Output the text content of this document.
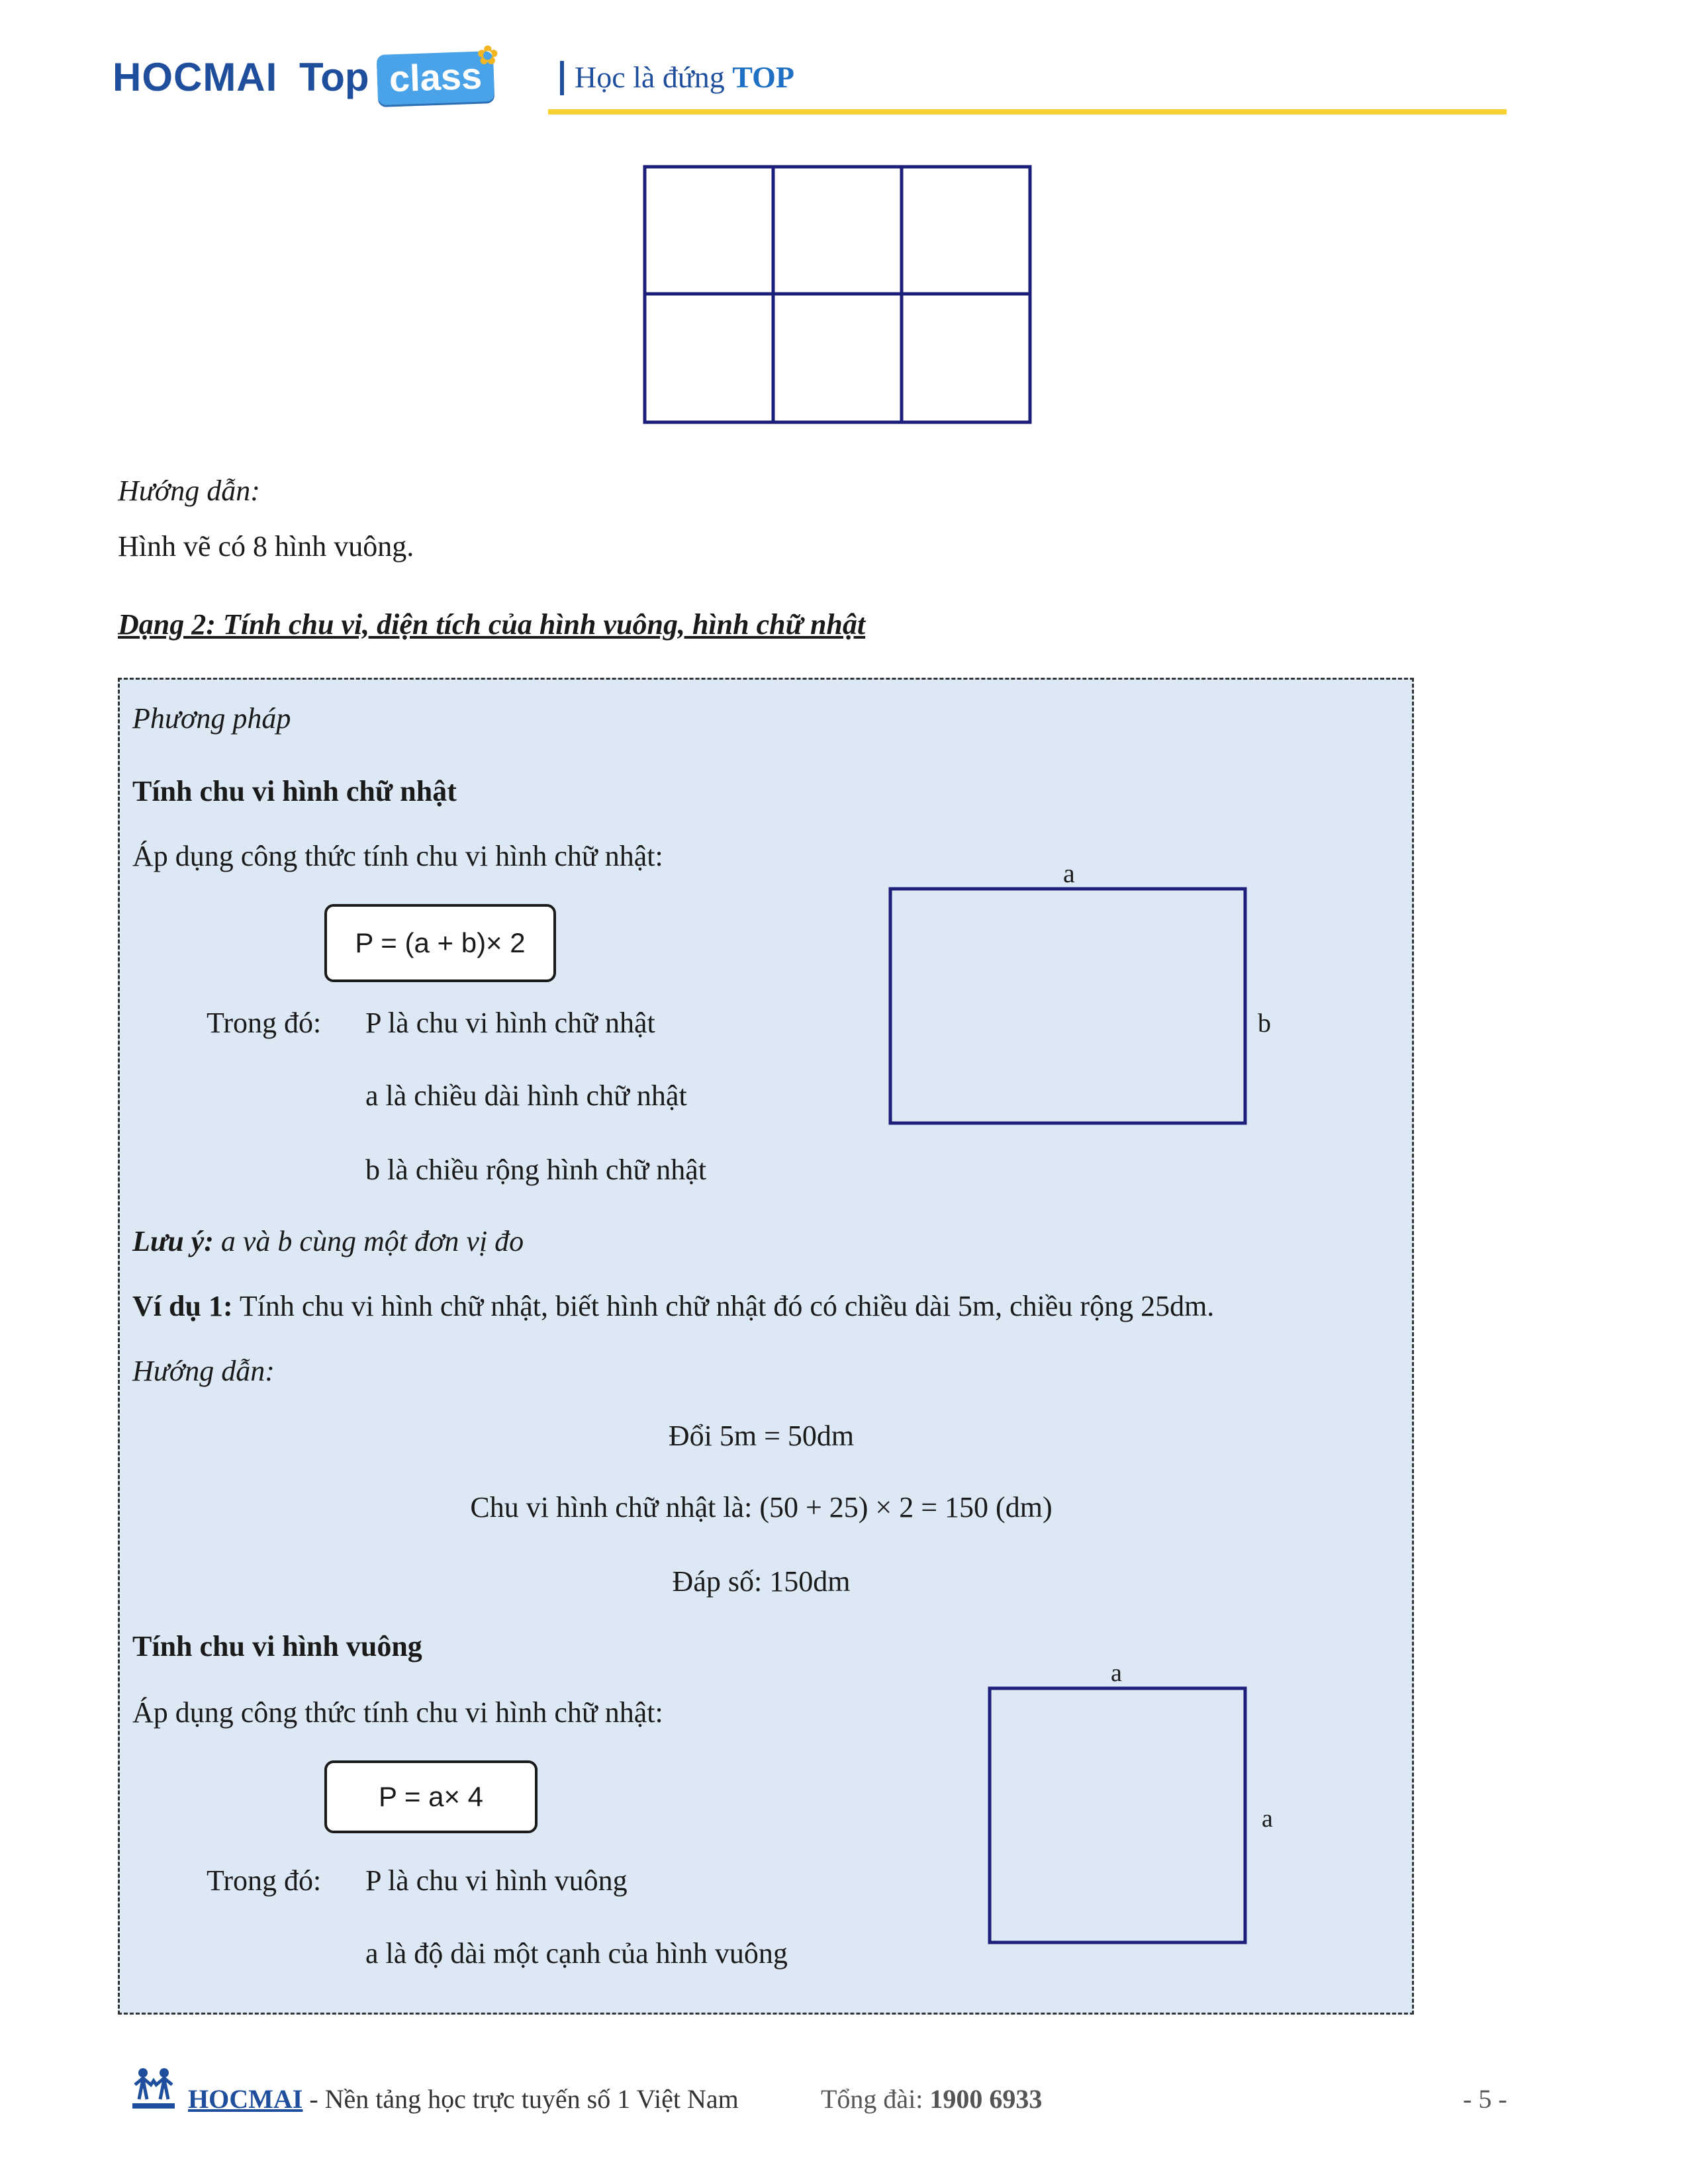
HOCMAI Top class
✿
Học là đứng TOP
Hướng dẫn:
Hình vẽ có 8 hình vuông.
Dạng 2: Tính chu vi, diện tích của hình vuông, hình chữ nhật
Phương pháp
Tính chu vi hình chữ nhật
Áp dụng công thức tính chu vi hình chữ nhật:
P = (a + b)× 2
Trong đó: P là chu vi hình chữ nhật
a là chiều dài hình chữ nhật
b là chiều rộng hình chữ nhật
a
b
Lưu ý: a và b cùng một đơn vị đo
Ví dụ 1: Tính chu vi hình chữ nhật, biết hình chữ nhật đó có chiều dài 5m, chiều rộng 25dm.
Hướng dẫn:
Đổi 5m = 50dm
Chu vi hình chữ nhật là: (50 + 25) × 2 = 150 (dm)
Đáp số: 150dm
Tính chu vi hình vuông
Áp dụng công thức tính chu vi hình chữ nhật:
P = a× 4
Trong đó: P là chu vi hình vuông
a là độ dài một cạnh của hình vuông
a
a
HOCMAI - Nền tảng học trực tuyến số 1 Việt Nam	Tổng đài: 1900 6933	- 5 -
